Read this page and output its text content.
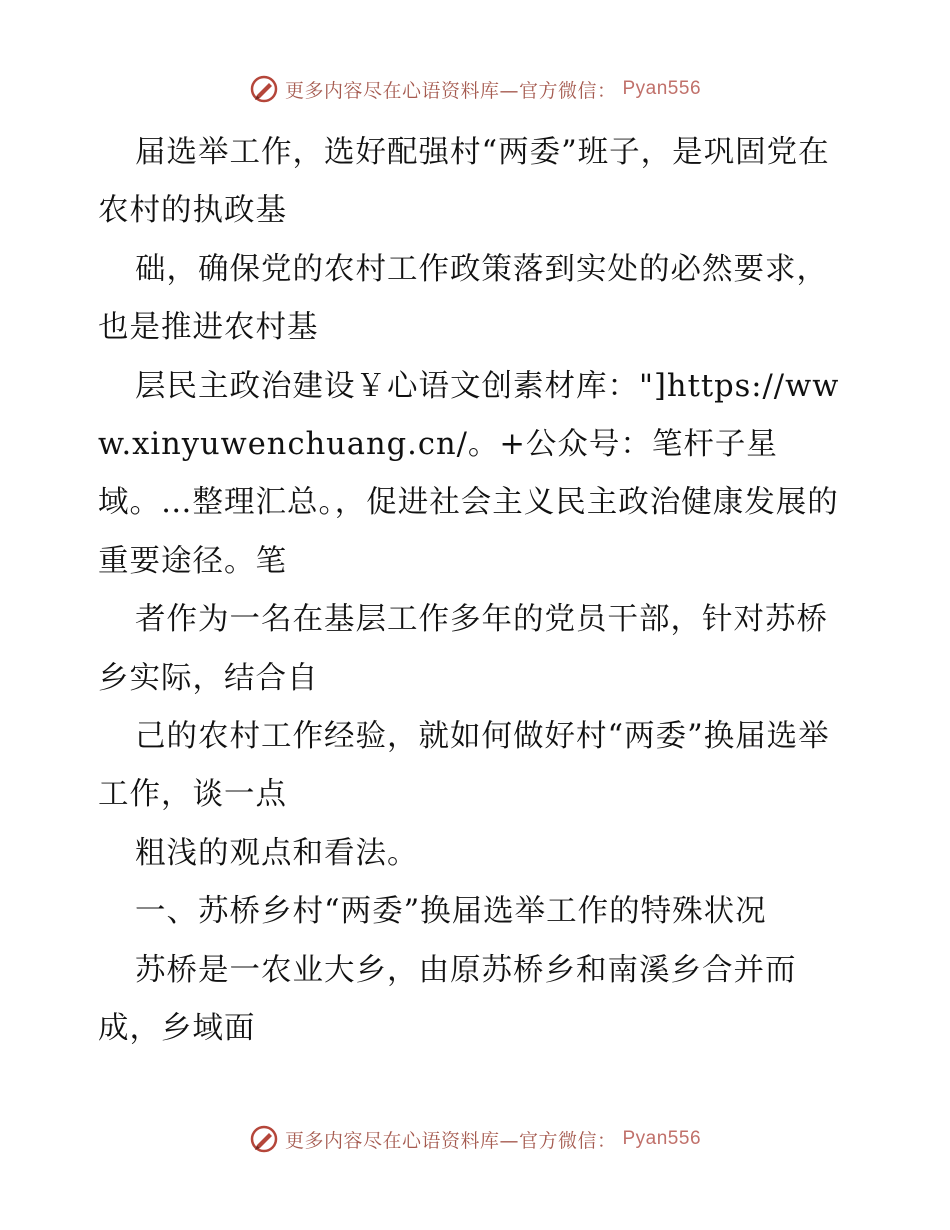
更多内容尽在心语资料库—官方微信： Pyan556

届选举工作，选好配强村“两委”班子，是巩固党在农村的执政基

础，确保党的农村工作政策落到实处的必然要求，也是推进农村基

层民主政治建设￥心语文创素材库："]https://www.xinyuwenchuang.cn/。+公众号：笔杆子星域。…整理汇总。，促进社会主义民主政治健康发展的重要途径。笔

者作为一名在基层工作多年的党员干部，针对苏桥乡实际，结合自

己的农村工作经验，就如何做好村“两委”换届选举工作，谈一点

粗浅的观点和看法。

一、苏桥乡村“两委”换届选举工作的特殊状况

苏桥是一农业大乡，由原苏桥乡和南溪乡合并而成，乡域面

更多内容尽在心语资料库—官方微信： Pyan556
